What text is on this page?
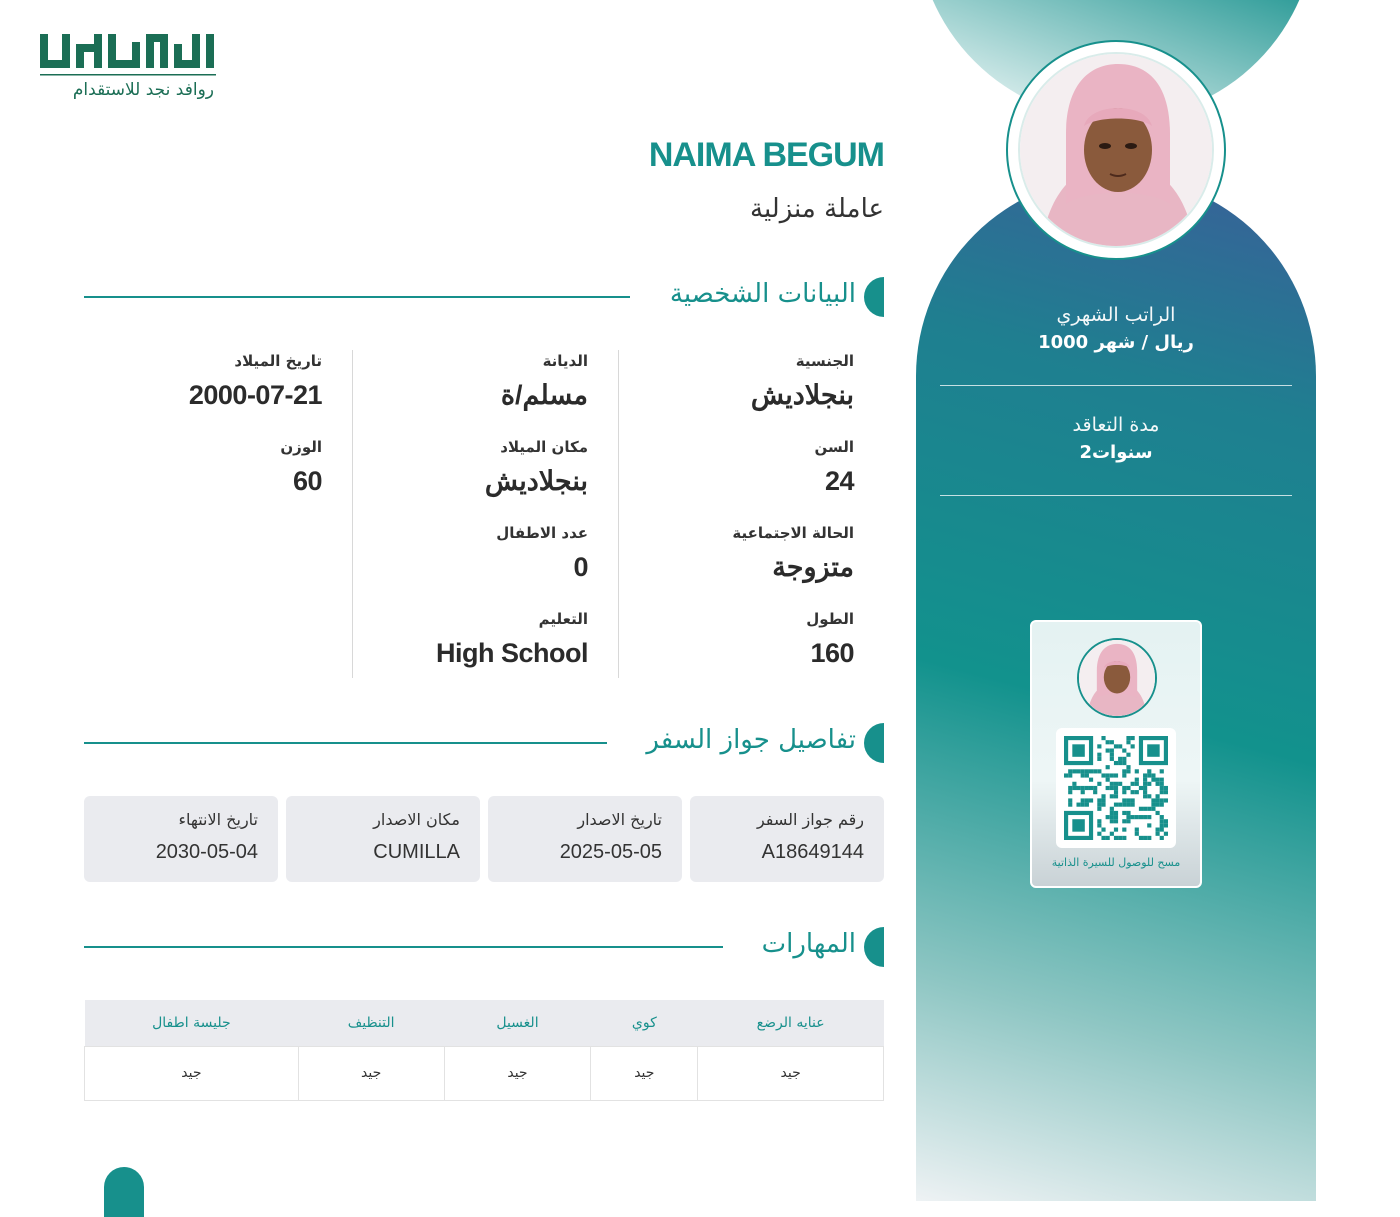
الراتب الشهري
1000 ريال / شهر
مدة التعاقد
2سنوات
مسح للوصول للسيرة الذاتية
روافد نجد للاستقدام
NAIMA BEGUM
عاملة منزلية
البيانات الشخصية
الجنسية
بنجلاديش
السن
24
الحالة الاجتماعية
متزوجة
الطول
160
الديانة
مسلم/ة
مكان الميلاد
بنجلاديش
عدد الاطفال
0
التعليم
High School
تاريخ الميلاد
2000-07-21
الوزن
60
تفاصيل جواز السفر
رقم جواز السفر
A18649144
تاريخ الاصدار
2025-05-05
مكان الاصدار
CUMILLA
تاريخ الانتهاء
2030-05-04
المهارات
عنايه الرضع	كوي	الغسيل	التنظيف	جليسة اطفال
جيد	جيد	جيد	جيد	جيد
